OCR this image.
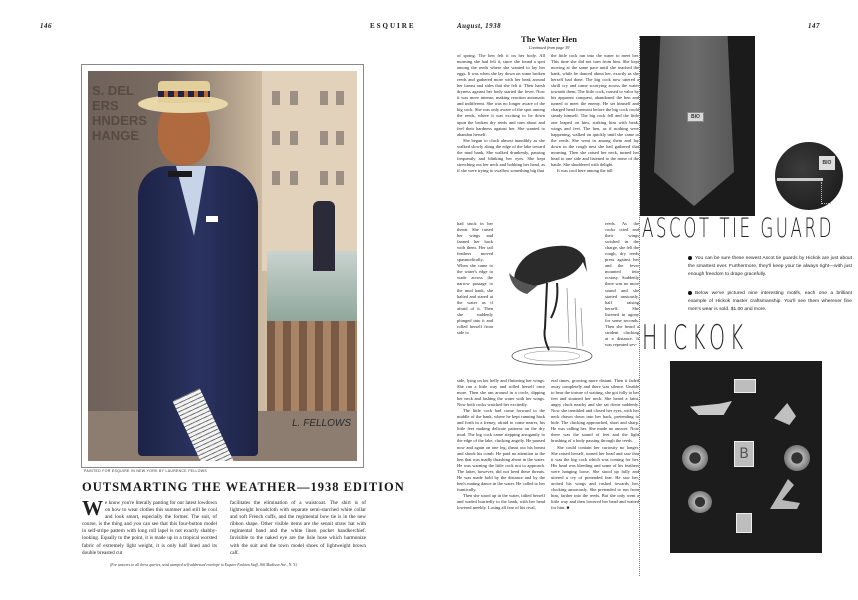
146	ESQUIRE
S. DEL
ERS
HNDERS
HANGE
L. FELLOWS
PAINTED FOR ESQUIRE IN NEW YORK BY LAURENCE FELLOWS
OUTSMARTING THE WEATHER—1938 EDITION
We know you're literally panting for our latest lowdown on how to wear clothes this summer and still be cool and look smart, especially the former. The suit, of course, is the thing and you can see that this four-button model in self-stripe pattern with long roll lapel is not exactly shabby-looking. Equally to the point, it is made up in a tropical worsted fabric of extremely light weight, it is only half lined and its double breasted cut
facilitates the elimination of a waistcoat. The shirt is of lightweight broadcloth with separate semi-starched white collar and soft French cuffs, and the regimental bow tie is in the new ribbon shape. Other visible items are the sennit straw hat with regimental band and the white linen pocket handkerchief. Invisible to the naked eye are the lisle hose which harmonize with the suit and the town model shoes of lightweight brown calf.
(For answers to all dress queries, send stamped self-addressed envelope to Esquire Fashion Staff, 366 Madison Ave., N. Y.)
August, 1938	147
The Water Hen
Continued from page 39

of spring. The hen felt it on her body. All morning she had felt it, since she found a spot among the reeds where she wanted to lay her eggs. It was when she lay down on some broken reeds and gathered more with her beak around her breast and sides that she felt it. Their harsh dryness against her body started the fever. Now it was more intense, making reaction automatic and indifferent. She was no longer aware of the big cock. She was only aware of the spot among the reeds, where it was exciting to lie down upon the broken dry reeds and turn about and feel their hardness against her. She wanted to abandon herself.

She began to cluck almost inaudibly as she walked slowly along the edge of the lake toward the mud bank. She walked drunkenly, pausing frequently and blinking her eyes. She kept stretching out her neck and bobbing her head, as if she were trying to swallow something big that

had stuck in her throat. She raised her wings and fanned her back with them. Her tail feathers moved spasmodically. When she came to the water's edge to wade across the narrow passage to the mud bank, she halted and stared at the water as if afraid of it. Then she suddenly plunged into it and rolled herself from side to

side, lying on her belly and fluttering her wings. She ran a little way and rolled herself once more. Then she ran around in a circle, dipping her neck and lashing the water with her wings. Now both cocks watched her excitedly.

The little cock had come forward to the middle of the bank, where he kept running back and forth in a frenzy, afraid to come nearer, his little feet making delicate patterns on the dry mud. The big cock came stepping arrogantly to the edge of the lake, clucking angrily. He paused now and again on one leg, thrust out his breast and shook his comb. He paid no attention to the hen that was madly thrashing about in the water. He was warning the little cock not to approach. The latter, however, did not heed these threats. He was made bold by the distance and by the hen's mating dance in the water. He called to her frantically.

Then she stood up in the water, tidied herself and waded hurriedly to the bank, with her head lowered meekly. Losing all fear of his rival,

the little cock ran into the water to meet her. This time she did not turn from him. She kept moving at the same pace until she reached the bank, while he danced about her, exactly as she herself had done. The big cock now uttered a shrill cry and came scurrying across the water towards them. The little cock, roused to valor by his apparent conquest, abandoned the hen and turned to meet the enemy. He set himself and charged head foremost before the big cock could steady himself. The big cock fell and the little one leaped on him, striking him with beak, wings and feet. The hen, as if nothing were happening, walked on quickly until she came to the reeds. She went in among them and lay down in the rough nest she had gathered that morning. Then she raised her neck, turned her head to one side and listened to the noise of the battle. She shuddered with delight.

It was cool here among the tall

reeds. As the cocks cried and their wings swished in the charge, she felt the rough, dry reeds press against her and the fever mounted into ecstasy. Suddenly there was no more sound and she started anxiously, half raising herself. She listened in agony for some seconds. Then she heard a strident clucking at a distance. It was repeated sev-

eral times, growing more distant. Then it faded away completely and there was silence. Unable to bear the torture of waiting, she got fully to her feet and strained her neck. She heard a faint, angry cluck nearby and she sat down suddenly. Now she trembled and closed her eyes, with her neck drawn down into her back, pretending to hide. The clucking approached, short and sharp. He was calling her. She made no answer. Now there was the sound of feet and the light brushing of a body passing through the reeds.

She could contain her curiosity no longer. She raised herself, turned her head and saw that it was the big cock which was coming for her. His head was bleeding and some of his feathers were hanging loose. She stood up fully and uttered a cry of pretended fear. He saw her, arched his wings and rushed towards her, clucking amorously. She pretended to run from him, farther into the reeds. But she only went a little way and then lowered her head and waited for him. ■

BIO
BIO
ASCOT TIE GUARD
You can be sure these newest Ascot tie guards by Hickok are just about the smartest ever. Furthermore, they'll keep your tie always right—with just enough freedom to drape gracefully.
Below we've pictured nine interesting motifs, each one a brilliant example of Hickok master craftsmanship. You'll see them wherever fine men's wear is sold. $1.00 and more.
HICKOK
B
